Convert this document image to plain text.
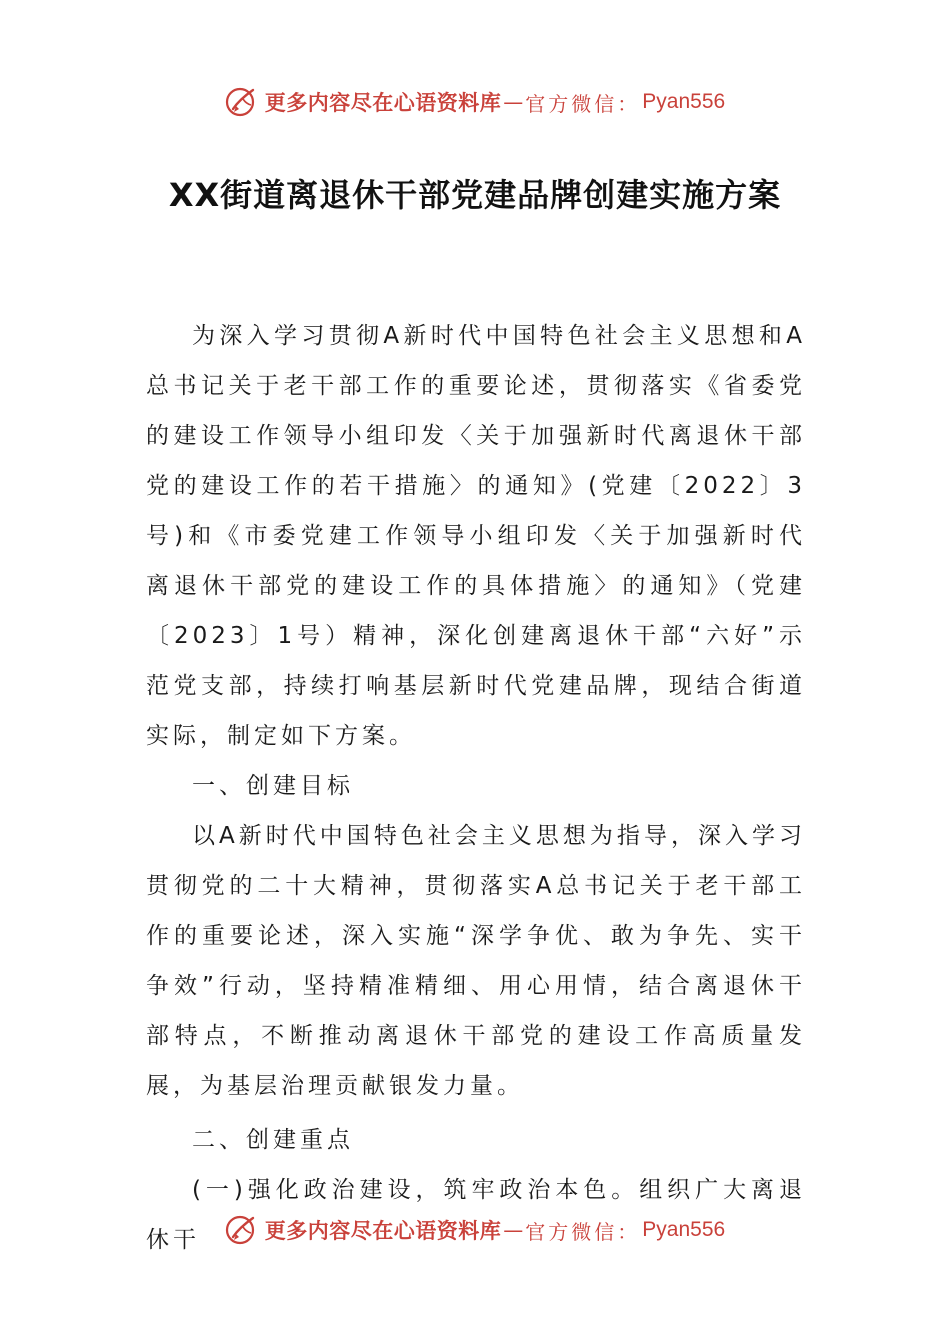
更多内容尽在心语资料库 — 官方微信： Pyan556
XX街道离退休干部党建品牌创建实施方案

为深入学习贯彻A新时代中国特色社会主义思想和A总书记关于老干部工作的重要论述，贯彻落实《省委党的建设工作领导小组印发〈关于加强新时代离退休干部党的建设工作的若干措施〉的通知》(党建〔2022〕3号)和《市委党建工作领导小组印发〈关于加强新时代离退休干部党的建设工作的具体措施〉的通知》（党建〔2023〕1号）精神，深化创建离退休干部“六好”示范党支部，持续打响基层新时代党建品牌，现结合街道实际，制定如下方案。

一、创建目标

以A新时代中国特色社会主义思想为指导，深入学习贯彻党的二十大精神，贯彻落实A总书记关于老干部工作的重要论述，深入实施“深学争优、敢为争先、实干争效”行动，坚持精准精细、用心用情，结合离退休干部特点，不断推动离退休干部党的建设工作高质量发展，为基层治理贡献银发力量。

二、创建重点

(一)强化政治建设，筑牢政治本色。组织广大离退休干	更多内容尽在心语资料库 — 官方微信： Pyan556
